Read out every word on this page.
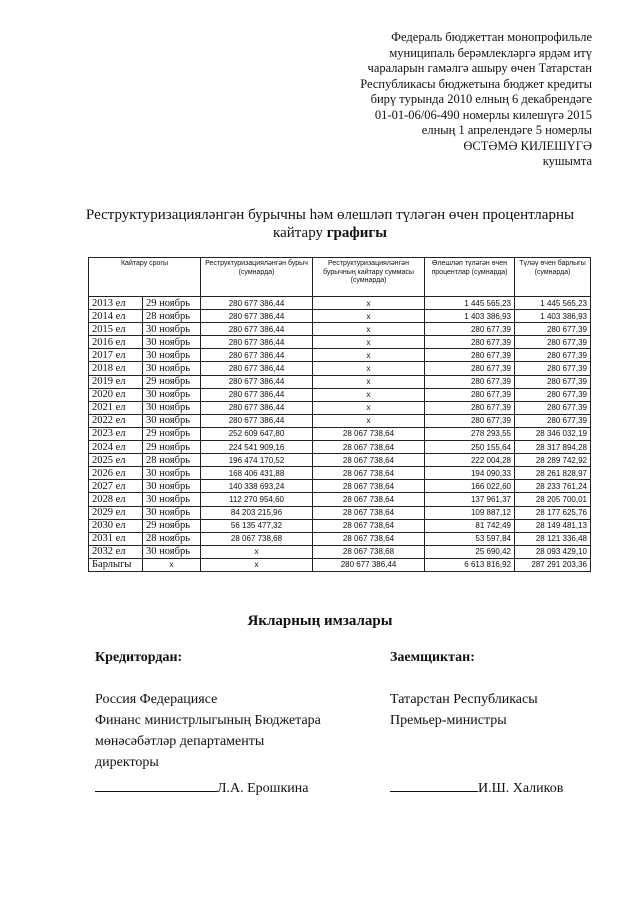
Федераль бюджеттан монопрофильле
муниципаль берәмлекләргә ярдәм итү
чараларын гамәлгә ашыру өчен Татарстан
Республикасы бюджетына бюджет кредиты
бирү турында 2010 елның 6 декабрендәге
01-01-06/06-490 номерлы килешүгә 2015
елның 1 апрелендәге 5 номерлы
ӨСТӘМӘ КИЛЕШҮГӘ
кушымта
Реструктуризацияләнгән бурычны һәм өлешләп түләгән өчен процентларны
кайтару графигы
Кайтару срогы		Реструктуризацияләнгән бурыч (сумнарда)	Реструктуризацияләнгән бурычның кайтару суммасы (сумнарда)	Өлешләп түләгән өчен процентлар (сумнарда)	Түләү өчен барлыгы (сумнарда)
2013 ел	29 ноябрь	280 677 386,44	х	1 445 565,23	1 445 565,23
2014 ел	28 ноябрь	280 677 386,44	х	1 403 386,93	1 403 386,93
2015 ел	30 ноябрь	280 677 386,44	х	280 677,39	280 677,39
2016 ел	30 ноябрь	280 677 386,44	х	280 677,39	280 677,39
2017 ел	30 ноябрь	280 677 386,44	х	280 677,39	280 677,39
2018 ел	30 ноябрь	280 677 386,44	х	280 677,39	280 677,39
2019 ел	29 ноябрь	280 677 386,44	х	280 677,39	280 677,39
2020 ел	30 ноябрь	280 677 386,44	х	280 677,39	280 677,39
2021 ел	30 ноябрь	280 677 386,44	х	280 677,39	280 677,39
2022 ел	30 ноябрь	280 677 386,44	х	280 677,39	280 677,39
2023 ел	29 ноябрь	252 609 647,80	28 067 738,64	278 293,55	28 346 032,19
2024 ел	29 ноябрь	224 541 909,16	28 067 738,64	250 155,64	28 317 894,28
2025 ел	28 ноябрь	196 474 170,52	28 067 738,64	222 004,28	28 289 742,92
2026 ел	30 ноябрь	168 406 431,88	28 067 738,64	194 090,33	28 261 828,97
2027 ел	30 ноябрь	140 338 693,24	28 067 738,64	166 022,60	28 233 761,24
2028 ел	30 ноябрь	112 270 954,60	28 067 738,64	137 961,37	28 205 700,01
2029 ел	30 ноябрь	84 203 215,96	28 067 738,64	109 887,12	28 177 625,76
2030 ел	29 ноябрь	56 135 477,32	28 067 738,64	81 742,49	28 149 481,13
2031 ел	28 ноябрь	28 067 738,68	28 067 738,64	53 597,84	28 121 336,48
2032 ел	30 ноябрь	х	28 067 738,68	25 690,42	28 093 429,10
Барлыгы	х	х	280 677 386,44	6 613 816,92	287 291 203,36
Якларның имзалары
Кредитордан:
Россия Федерациясе
Финанс министрлыгының Бюджетара
мөнәсәбәтләр департаменты
директоры
Л.А. Ерошкина
Заемщиктан:
Татарстан Республикасы
Премьер-министры
И.Ш. Халиков
